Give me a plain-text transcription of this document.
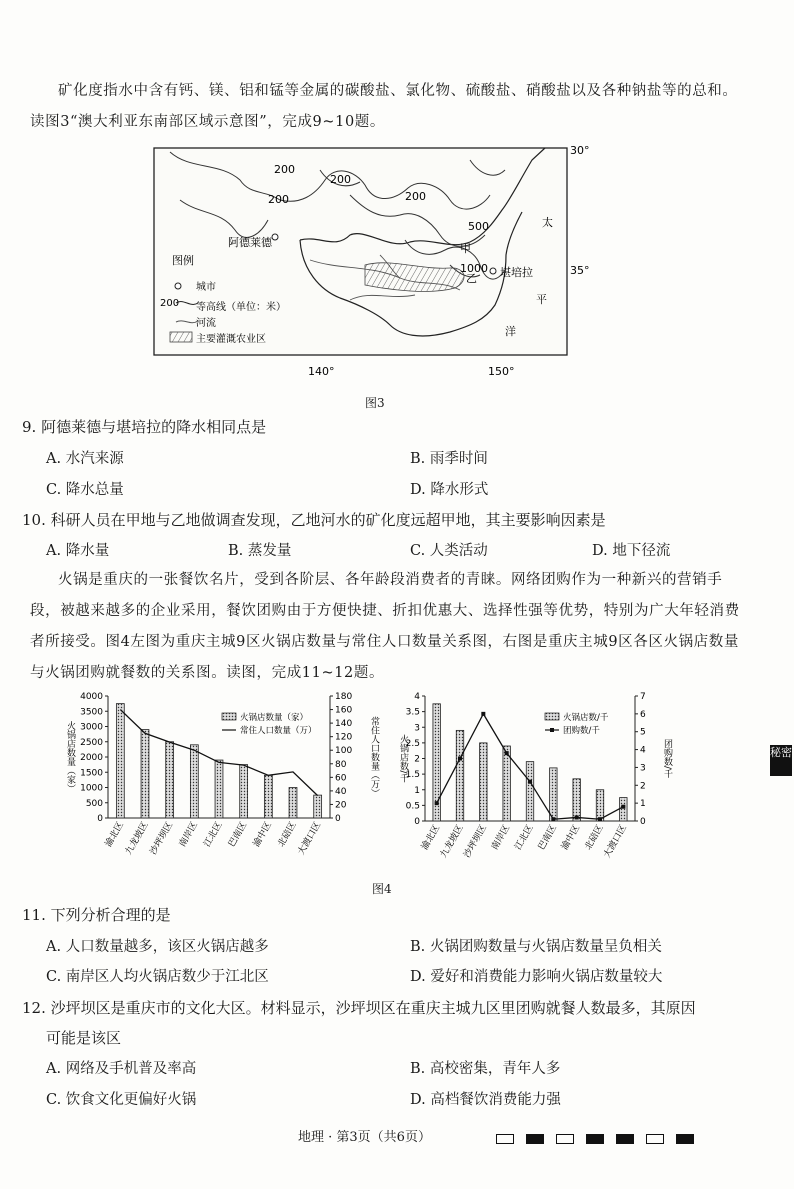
矿化度指水中含有钙、镁、铝和锰等金属的碳酸盐、氯化物、硫酸盐、硝酸盐以及各种钠盐等的总和。读图3“澳大利亚东南部区域示意图”，完成9~10题。
200
200
200	200
500
1000
阿德莱德
堪培拉
甲
乙
太
平
洋
30°
35°
140°	150°
图例
城市
200 等高线（单位：米）
河流
主要灌溉农业区
图3
9. 阿德莱德与堪培拉的降水相同点是
A. 水汽来源	B. 雨季时间
C. 降水总量	D. 降水形式
10. 科研人员在甲地与乙地做调查发现，乙地河水的矿化度远超甲地，其主要影响因素是
A. 降水量	B. 蒸发量	C. 人类活动	D. 地下径流
火锅是重庆的一张餐饮名片，受到各阶层、各年龄段消费者的青睐。网络团购作为一种新兴的营销手段，被越来越多的企业采用，餐饮团购由于方便快捷、折扣优惠大、选择性强等优势，特别为广大年轻消费者所接受。图4左图为重庆主城9区火锅店数量与常住人口数量关系图，右图是重庆主城9区各区火锅店数量与火锅团购就餐数的关系图。读图，完成11~12题。
0
500
1000
1500
2000
2500
3000
3500
4000
0
20
40
60
80
100
120
140
160
180
渝北区
九龙坡区
沙坪坝区 南岸区 江北区 巴南区 渝中区 北碚区
大渡口区
火锅店数量（家）	常住人口数量（万）
火锅店数量（家）
常住人口数量（万）
0
0.5
1
1.5
2
2.5
3
3.5
4
0
1
2
3
4
5
6
7
渝北区
九龙坡区
沙坪坝区 南岸区 江北区 巴南区 渝中区 北碚区
大渡口区
火锅店数/千	团购数/千
火锅店数/千
团购数/千
图4
11. 下列分析合理的是
A. 人口数量越多，该区火锅店越多	B. 火锅团购数量与火锅店数量呈负相关
C. 南岸区人均火锅店数少于江北区	D. 爱好和消费能力影响火锅店数量较大
12. 沙坪坝区是重庆市的文化大区。材料显示，沙坪坝区在重庆主城九区里团购就餐人数最多，其原因
可能是该区
A. 网络及手机普及率高	B. 高校密集，青年人多
C. 饮食文化更偏好火锅	D. 高档餐饮消费能力强
秘密
地理 · 第3页（共6页）
